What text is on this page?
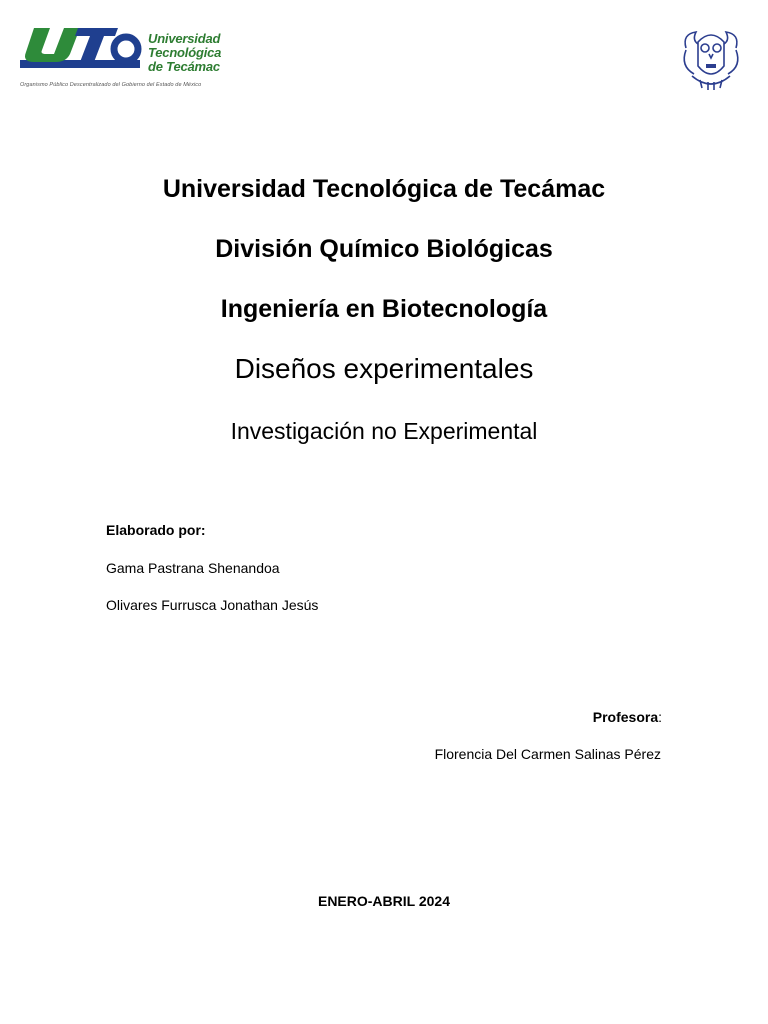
Universidad
Tecnológica
de Tecámac
Organismo Público Descentralizado del Gobierno del Estado de México
Universidad Tecnológica de Tecámac
División Químico Biológicas
Ingeniería en Biotecnología
Diseños experimentales
Investigación no Experimental
Elaborado por:
Gama Pastrana Shenandoa
Olivares Furrusca Jonathan Jesús
Profesora:
Florencia Del Carmen Salinas Pérez
ENERO-ABRIL 2024
